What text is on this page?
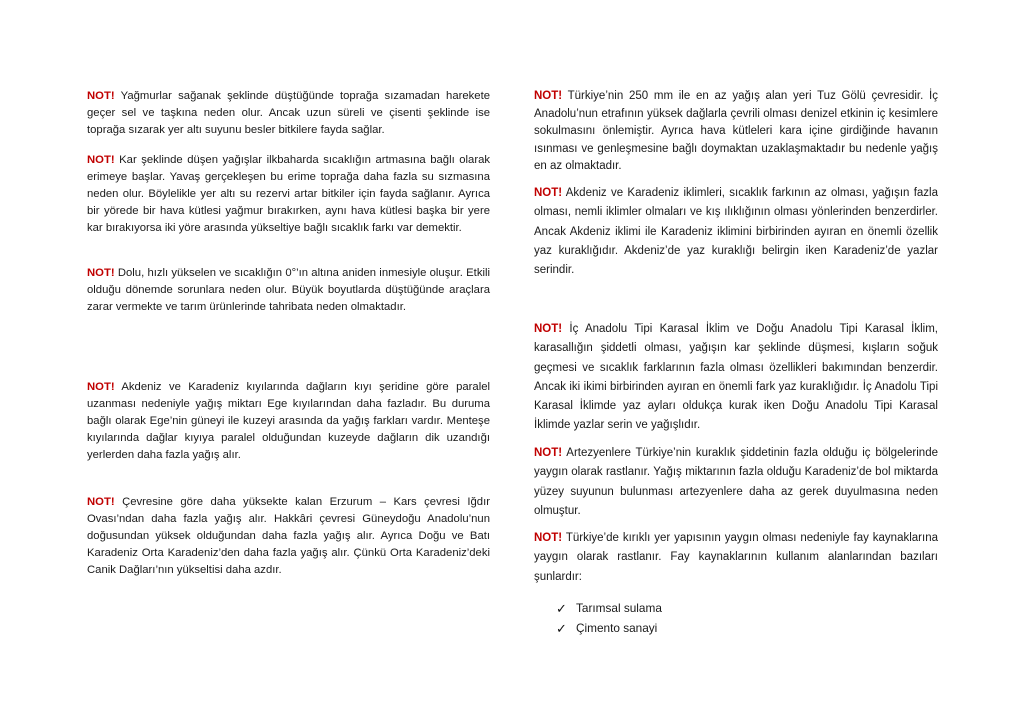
NOT! Yağmurlar sağanak şeklinde düştüğünde toprağa sızamadan harekete geçer sel ve taşkına neden olur. Ancak uzun süreli ve çisenti şeklinde ise toprağa sızarak yer altı suyunu besler bitkilere fayda sağlar.

NOT! Kar şeklinde düşen yağışlar ilkbaharda sıcaklığın artmasına bağlı olarak erimeye başlar. Yavaş gerçekleşen bu erime toprağa daha fazla su sızmasına neden olur. Böylelikle yer altı su rezervi artar bitkiler için fayda sağlanır. Ayrıca bir yörede bir hava kütlesi yağmur bırakırken, aynı hava kütlesi başka bir yere kar bırakıyorsa iki yöre arasında yükseltiye bağlı sıcaklık farkı var demektir.

NOT! Dolu, hızlı yükselen ve sıcaklığın 0°’ın altına aniden inmesiyle oluşur. Etkili olduğu dönemde sorunlara neden olur. Büyük boyutlarda düştüğünde araçlara zarar vermekte ve tarım ürünlerinde tahribata neden olmaktadır.

NOT! Akdeniz ve Karadeniz kıyılarında dağların kıyı şeridine göre paralel uzanması nedeniyle yağış miktarı Ege kıyılarından daha fazladır. Bu duruma bağlı olarak Ege’nin güneyi ile kuzeyi arasında da yağış farkları vardır. Menteşe kıyılarında dağlar kıyıya paralel olduğundan kuzeyde dağların dik uzandığı yerlerden daha fazla yağış alır.

NOT! Çevresine göre daha yüksekte kalan Erzurum – Kars çevresi Iğdır Ovası’ndan daha fazla yağış alır. Hakkâri çevresi Güneydoğu Anadolu’nun doğusundan yüksek olduğundan daha fazla yağış alır. Ayrıca Doğu ve Batı Karadeniz Orta Karadeniz’den daha fazla yağış alır. Çünkü Orta Karadeniz’deki Canik Dağları’nın yükseltisi daha azdır.

NOT! Türkiye’nin 250 mm ile en az yağış alan yeri Tuz Gölü çevresidir. İç Anadolu’nun etrafının yüksek dağlarla çevrili olması denizel etkinin iç kesimlere sokulmasını önlemiştir. Ayrıca hava kütleleri kara içine girdiğinde havanın ısınması ve genleşmesine bağlı doymaktan uzaklaşmaktadır bu nedenle yağış en az olmaktadır.

NOT! Akdeniz ve Karadeniz iklimleri, sıcaklık farkının az olması, yağışın fazla olması, nemli iklimler olmaları ve kış ılıklığının olması yönlerinden benzerdirler. Ancak Akdeniz iklimi ile Karadeniz iklimini birbirinden ayıran en önemli özellik yaz kuraklığıdır. Akdeniz’de yaz kuraklığı belirgin iken Karadeniz’de yazlar serindir.

NOT! İç Anadolu Tipi Karasal İklim ve Doğu Anadolu Tipi Karasal İklim, karasallığın şiddetli olması, yağışın kar şeklinde düşmesi, kışların soğuk geçmesi ve sıcaklık farklarının fazla olması özellikleri bakımından benzerdir. Ancak iki ikimi birbirinden ayıran en önemli fark yaz kuraklığıdır. İç Anadolu Tipi Karasal İklimde yaz ayları oldukça kurak iken Doğu Anadolu Tipi Karasal İklimde yazlar serin ve yağışlıdır.

NOT! Artezyenlere Türkiye’nin kuraklık şiddetinin fazla olduğu iç bölgelerinde yaygın olarak rastlanır. Yağış miktarının fazla olduğu Karadeniz’de bol miktarda yüzey suyunun bulunması artezyenlere daha az gerek duyulmasına neden olmuştur.

NOT! Türkiye’de kırıklı yer yapısının yaygın olması nedeniyle fay kaynaklarına yaygın olarak rastlanır. Fay kaynaklarının kullanım alanlarından bazıları şunlardır:

✓ Tarımsal sulama
✓ Çimento sanayi
